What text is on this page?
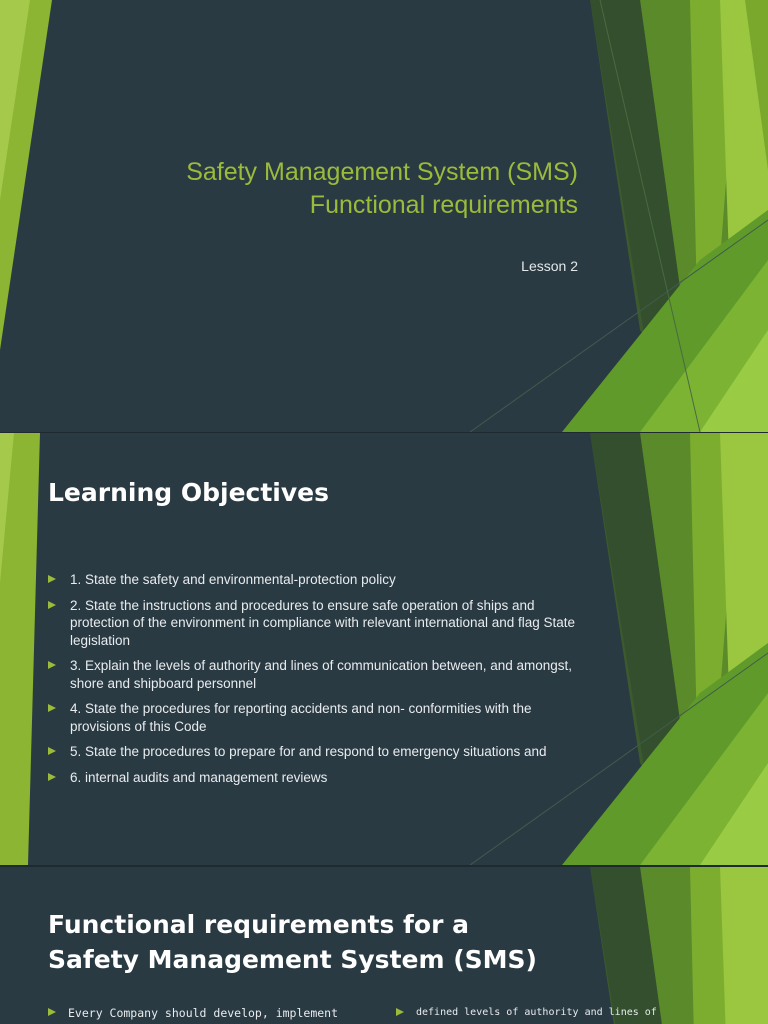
Safety Management System (SMS)
Functional requirements
Lesson 2
Learning Objectives
1. State the safety and environmental-protection policy
2. State the instructions and procedures to ensure safe operation of ships and protection of the environment in compliance with relevant international and flag State legislation
3. Explain the levels of authority and lines of communication between, and amongst, shore and shipboard personnel
4. State the procedures for reporting accidents and non- conformities with the provisions of this Code
5. State the procedures to prepare for and respond to emergency situations and
6. internal audits and management reviews
Functional requirements for a Safety Management System (SMS)
Every Company should develop, implement	defined levels of authority and lines of
